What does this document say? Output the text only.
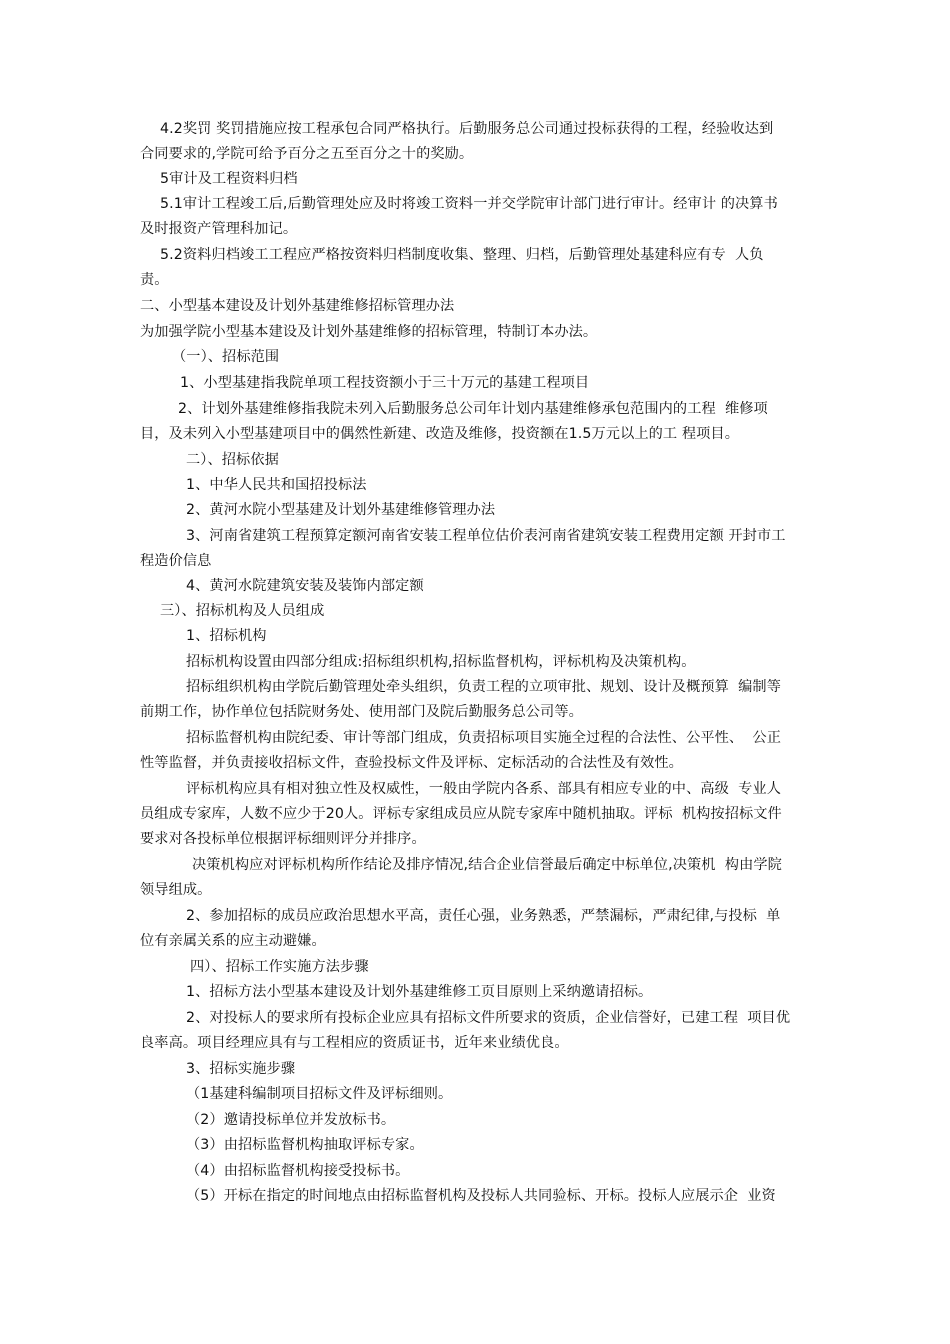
4.2奖罚 奖罚措施应按工程承包合同严格执行。后勤服务总公司通过投标获得的工程，经验收达到
合同要求的,学院可给予百分之五至百分之十的奖励。
5审计及工程资料归档
5.1审计工程竣工后,后勤管理处应及时将竣工资料一并交学院审计部门进行审计。经审计 的决算书
及时报资产管理科加记。
5.2资料归档竣工工程应严格按资料归档制度收集、整理、归档，后勤管理处基建科应有专  人负
责。
二、小型基本建设及计划外基建维修招标管理办法
为加强学院小型基本建设及计划外基建维修的招标管理，特制订本办法。
（一）、招标范围
1、小型基建指我院单项工程技资额小于三十万元的基建工程项目
2、计划外基建维修指我院未列入后勤服务总公司年计划内基建维修承包范围内的工程  维修项
目，及未列入小型基建项目中的偶然性新建、改造及维修，投资额在1.5万元以上的工 程项目。
二）、招标依据
1、中华人民共和国招投标法
2、黄河水院小型基建及计划外基建维修管理办法
3、河南省建筑工程预算定额河南省安装工程单位估价表河南省建筑安装工程费用定额 开封市工
程造价信息
4、黄河水院建筑安装及装饰内部定额
三）、招标机构及人员组成
1、招标机构
招标机构设置由四部分组成:招标组织机构,招标监督机构，评标机构及决策机构。
招标组织机构由学院后勤管理处牵头组织，负责工程的立项审批、规划、设计及概预算  编制等
前期工作，协作单位包括院财务处、使用部门及院后勤服务总公司等。
招标监督机构由院纪委、审计等部门组成，负责招标项目实施全过程的合法性、公平性、  公正
性等监督，并负责接收招标文件，查验投标文件及评标、定标活动的合法性及有效性。
评标机构应具有相对独立性及权威性，一般由学院内各系、部具有相应专业的中、高级  专业人
员组成专家库，人数不应少于20人。评标专家组成员应从院专家库中随机抽取。评标  机构按招标文件
要求对各投标单位根据评标细则评分并排序。
决策机构应对评标机构所作结论及排序情况,结合企业信誉最后确定中标单位,决策机  构由学院
领导组成。
2、参加招标的成员应政治思想水平高，责任心强，业务熟悉，严禁漏标，严肃纪律,与投标  单
位有亲属关系的应主动避嫌。
四）、招标工作实施方法步骤
1、招标方法小型基本建设及计划外基建维修工页目原则上采纳邀请招标。
2、对投标人的要求所有投标企业应具有招标文件所要求的资质，企业信誉好，已建工程  项目优
良率高。项目经理应具有与工程相应的资质证书，近年来业绩优良。
3、招标实施步骤
（1基建科编制项目招标文件及评标细则。
（2）邀请投标单位并发放标书。
（3）由招标监督机构抽取评标专家。
（4）由招标监督机构接受投标书。
（5）开标在指定的时间地点由招标监督机构及投标人共同验标、开标。投标人应展示企  业资
